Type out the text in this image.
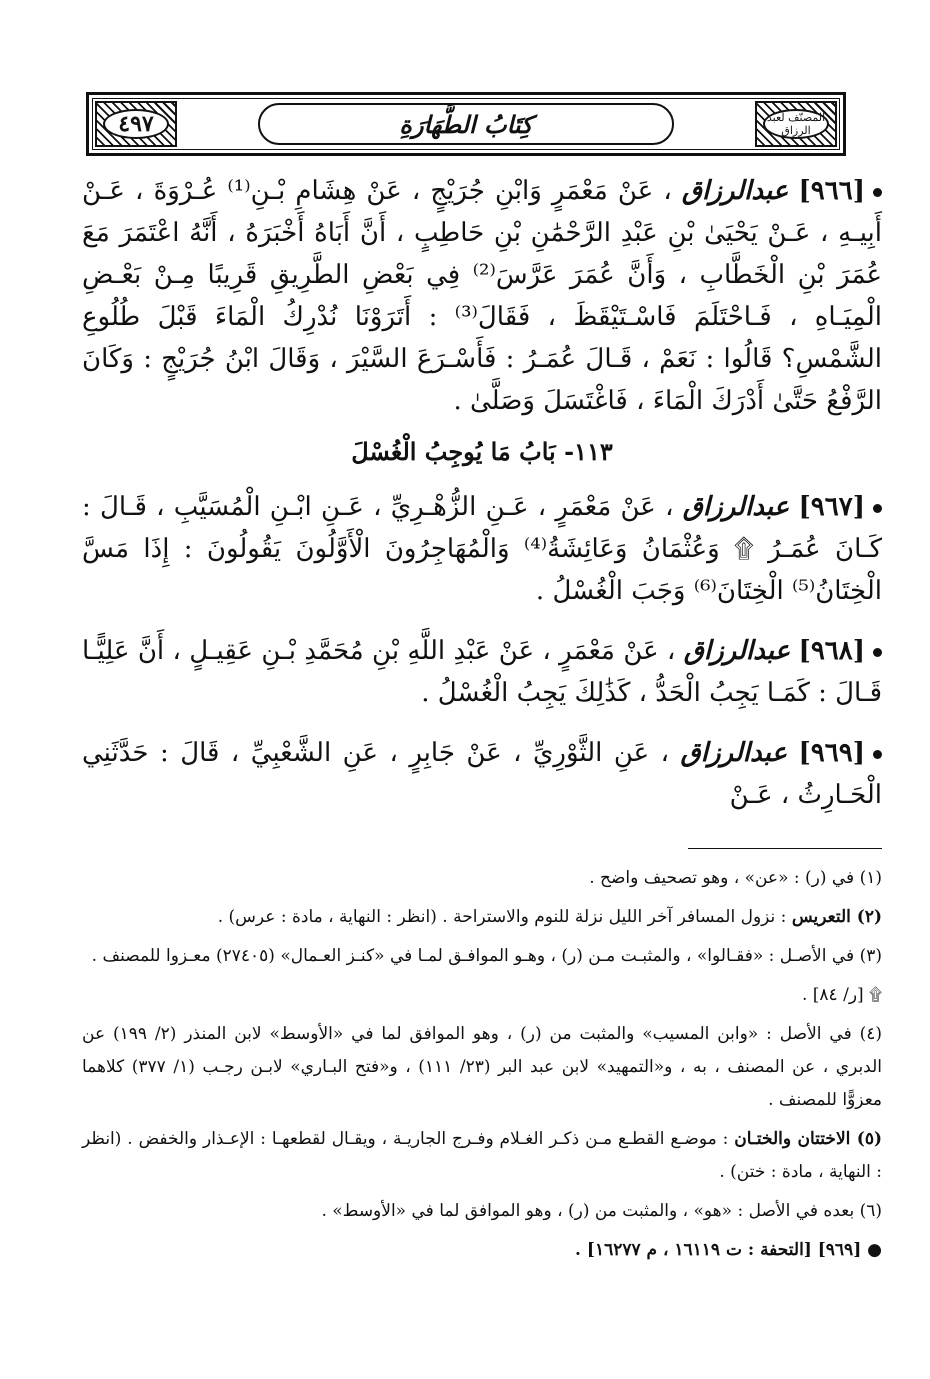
٤٩٧	كِتَابُ الطَّهَارَةِ	المصنّف لعبد الرزاق

[٩٦٦] عبدالرزاق ، عَنْ مَعْمَرٍ وَابْنِ جُرَيْجٍ ، عَنْ هِشَامِ بْـنِ⁽¹⁾ عُـرْوَةَ ، عَـنْ أَبِيـهِ ، عَـنْ يَحْيَىٰ بْنِ عَبْدِ الرَّحْمَٰنِ بْنِ حَاطِبٍ ، أَنَّ أَبَاهُ أَخْبَرَهُ ، أَنَّهُ اعْتَمَرَ مَعَ عُمَرَ بْنِ الْخَطَّابِ ، وَأَنَّ عُمَرَ عَرَّسَ⁽²⁾ فِي بَعْضِ الطَّرِيقِ قَرِيبًا مِـنْ بَعْـضِ الْمِيَـاهِ ، فَـاحْتَلَمَ فَاسْـتَيْقَظَ ، فَقَالَ⁽³⁾ : أَتَرَوْنَا نُدْرِكُ الْمَاءَ قَبْلَ طُلُوعِ الشَّمْسِ؟ قَالُوا : نَعَمْ ، قَـالَ عُمَـرُ : فَأَسْـرَعَ السَّيْرَ ، وَقَالَ ابْنُ جُرَيْجٍ : وَكَانَ الرَّفْعُ حَتَّىٰ أَدْرَكَ الْمَاءَ ، فَاغْتَسَلَ وَصَلَّىٰ .

١١٣- بَابُ مَا يُوجِبُ الْغُسْلَ

[٩٦٧] عبدالرزاق ، عَنْ مَعْمَرٍ ، عَـنِ الزُّهْـرِيِّ ، عَـنِ ابْـنِ الْمُسَيَّبِ ، قَـالَ : كَـانَ عُمَـرُ ۩ وَعُثْمَانُ وَعَائِشَةُ⁽⁴⁾ وَالْمُهَاجِرُونَ الْأَوَّلُونَ يَقُولُونَ : إِذَا مَسَّ الْخِتَانُ⁽⁵⁾ الْخِتَانَ⁽⁶⁾ وَجَبَ الْغُسْلُ .

[٩٦٨] عبدالرزاق ، عَنْ مَعْمَرٍ ، عَنْ عَبْدِ اللَّهِ بْنِ مُحَمَّدِ بْـنِ عَقِيـلٍ ، أَنَّ عَلِيًّـا قَـالَ : كَمَـا يَجِبُ الْحَدُّ ، كَذَٰلِكَ يَجِبُ الْغُسْلُ .

[٩٦٩] عبدالرزاق ، عَنِ الثَّوْرِيِّ ، عَنْ جَابِرٍ ، عَنِ الشَّعْبِيِّ ، قَالَ : حَدَّثَنِي الْحَـارِثُ ، عَـنْ

(١) في (ر) : «عن» ، وهو تصحيف واضح .

(٢) التعريس : نزول المسافر آخر الليل نزلة للنوم والاستراحة . (انظر : النهاية ، مادة : عرس) .

(٣) في الأصـل : «فقـالوا» ، والمثبـت مـن (ر) ، وهـو الموافـق لمـا في «كنـز العـمال» (٢٧٤٠٥) معـزوا للمصنف .

۩ [ر/ ٨٤] .

(٤) في الأصل : «وابن المسيب» والمثبت من (ر) ، وهو الموافق لما في «الأوسط» لابن المنذر (٢/ ١٩٩) عن الدبري ، عن المصنف ، به ، و«التمهيد» لابن عبد البر (٢٣/ ١١١) ، و«فتح البـاري» لابـن رجـب (١/ ٣٧٧) كلاهما معزوًّا للمصنف .

(٥) الاختتان والختـان : موضـع القطـع مـن ذكـر الغـلام وفـرج الجاريـة ، ويقـال لقطعهـا : الإعـذار والخفض . (انظر : النهاية ، مادة : ختن) .

(٦) بعده في الأصل : «هو» ، والمثبت من (ر) ، وهو الموافق لما في «الأوسط» .

● [٩٦٩] [التحفة : ت ١٦١١٩ ، م ١٦٢٧٧] .
